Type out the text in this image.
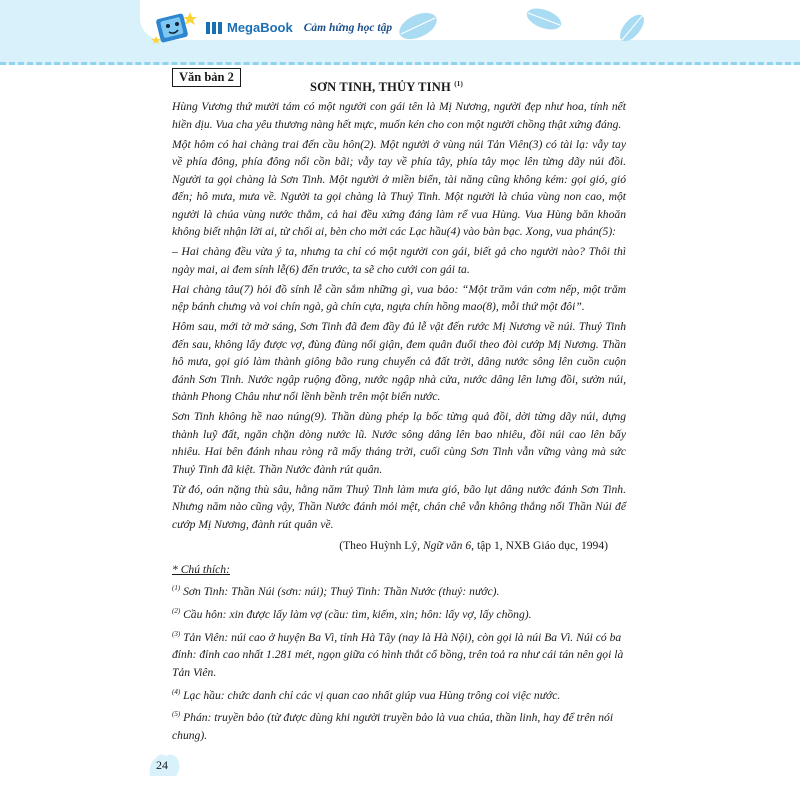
MegaBook Cảm hứng học tập
Văn bản 2
SƠN TINH, THỦY TINH $^{(1)}$

Hùng Vương thứ mười tám có một người con gái tên là Mị Nương, người đẹp như hoa, tính nết hiền dịu. Vua cha yêu thương nàng hết mực, muốn kén cho con một người chồng thật xứng đáng.

Một hôm có hai chàng trai đến cầu hôn(2). Một người ở vùng núi Tản Viên(3) có tài lạ: vẫy tay về phía đông, phía đông nổi cồn bãi; vẫy tay về phía tây, phía tây mọc lên từng dãy núi đồi. Người ta gọi chàng là Sơn Tinh. Một người ở miền biển, tài năng cũng không kém: gọi gió, gió đến; hô mưa, mưa về. Người ta gọi chàng là Thuỷ Tinh. Một người là chúa vùng non cao, một người là chúa vùng nước thẳm, cả hai đều xứng đáng làm rể vua Hùng. Vua Hùng băn khoăn không biết nhận lời ai, từ chối ai, bèn cho mời các Lạc hầu(4) vào bàn bạc. Xong, vua phán(5):

– Hai chàng đều vừa ý ta, nhưng ta chỉ có một người con gái, biết gả cho người nào? Thôi thì ngày mai, ai đem sính lễ(6) đến trước, ta sẽ cho cưới con gái ta.

Hai chàng tâu(7) hỏi đồ sính lễ cần sắm những gì, vua bảo: “Một trăm ván cơm nếp, một trăm nệp bánh chưng và voi chín ngà, gà chín cựa, ngựa chín hồng mao(8), mỗi thứ một đôi”.

Hôm sau, mới tờ mờ sáng, Sơn Tinh đã đem đầy đủ lễ vật đến rước Mị Nương về núi. Thuỷ Tinh đến sau, không lấy được vợ, đùng đùng nổi giận, đem quân đuổi theo đòi cướp Mị Nương. Thần hô mưa, gọi gió làm thành giông bão rung chuyển cả đất trời, dâng nước sông lên cuồn cuộn đánh Sơn Tinh. Nước ngập ruộng đồng, nước ngập nhà cửa, nước dâng lên lưng đồi, sườn núi, thành Phong Châu như nổi lềnh bềnh trên một biển nước.

Sơn Tinh không hề nao núng(9). Thần dùng phép lạ bốc từng quả đồi, dời từng dãy núi, dựng thành luỹ đất, ngăn chặn dòng nước lũ. Nước sông dâng lên bao nhiêu, đồi núi cao lên bấy nhiêu. Hai bên đánh nhau ròng rã mấy tháng trời, cuối cùng Sơn Tinh vẫn vững vàng mà sức Thuỷ Tinh đã kiệt. Thần Nước đành rút quân.

Từ đó, oán nặng thù sâu, hằng năm Thuỷ Tinh làm mưa gió, bão lụt dâng nước đánh Sơn Tinh. Nhưng năm nào cũng vậy, Thần Nước đánh mỏi mệt, chán chê vẫn không thắng nổi Thần Núi để cướp Mị Nương, đành rút quân về.

(Theo Huỳnh Lý, Ngữ văn 6, tập 1, NXB Giáo dục, 1994)

* Chú thích:

$^{(1)}$ Sơn Tinh: Thần Núi (sơn: núi); Thuỷ Tinh: Thần Nước (thuỷ: nước).

$^{(2)}$ Cầu hôn: xin được lấy làm vợ (cầu: tìm, kiếm, xin; hôn: lấy vợ, lấy chồng).

$^{(3)}$ Tản Viên: núi cao ở huyện Ba Vì, tỉnh Hà Tây (nay là Hà Nội), còn gọi là núi Ba Vì. Núi có ba đỉnh: đỉnh cao nhất 1.281 mét, ngọn giữa có hình thắt cổ bồng, trên toả ra như cái tán nên gọi là Tản Viên.

$^{(4)}$ Lạc hầu: chức danh chỉ các vị quan cao nhất giúp vua Hùng trông coi việc nước.

$^{(5)}$ Phán: truyền bảo (từ được dùng khi người truyền bảo là vua chúa, thần linh, hay để trên nói chung).

24
